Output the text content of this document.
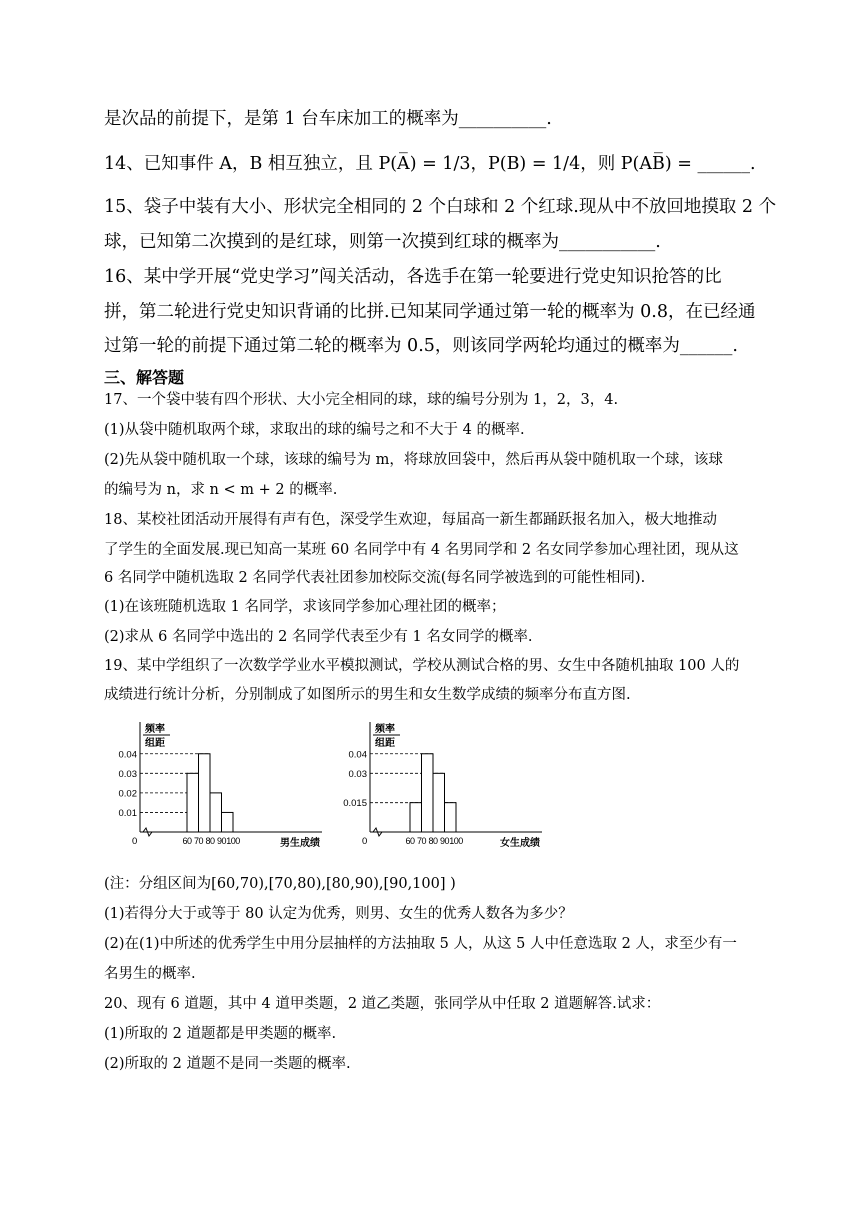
是次品的前提下，是第 1 台车床加工的概率为__________.
14、已知事件 A，B 相互独立，且 P(A̅) = 1/3，P(B) = 1/4，则 P(AB̅) = ______.
15、袋子中装有大小、形状完全相同的 2 个白球和 2 个红球.现从中不放回地摸取 2 个
球，已知第二次摸到的是红球，则第一次摸到红球的概率为___________.
16、某中学开展“党史学习”闯关活动，各选手在第一轮要进行党史知识抢答的比
拼，第二轮进行党史知识背诵的比拼.已知某同学通过第一轮的概率为 0.8，在已经通
过第一轮的前提下通过第二轮的概率为 0.5，则该同学两轮均通过的概率为______.
三、解答题
17、一个袋中装有四个形状、大小完全相同的球，球的编号分别为 1，2，3，4.
(1)从袋中随机取两个球，求取出的球的编号之和不大于 4 的概率.
(2)先从袋中随机取一个球，该球的编号为 m，将球放回袋中，然后再从袋中随机取一个球，该球
的编号为 n，求 n < m + 2 的概率.
18、某校社团活动开展得有声有色，深受学生欢迎，每届高一新生都踊跃报名加入，极大地推动
了学生的全面发展.现已知高一某班 60 名同学中有 4 名男同学和 2 名女同学参加心理社团，现从这
6 名同学中随机选取 2 名同学代表社团参加校际交流(每名同学被选到的可能性相同).
(1)在该班随机选取 1 名同学，求该同学参加心理社团的概率；
(2)求从 6 名同学中选出的 2 名同学代表至少有 1 名女同学的概率.
19、某中学组织了一次数学学业水平模拟测试，学校从测试合格的男、女生中各随机抽取 100 人的
成绩进行统计分析，分别制成了如图所示的男生和女生数学成绩的频率分布直方图.
频率
组距
0.04
0.03
0.02
0.01
0	60 70 80 90 100	男生成绩
频率
组距
0.04
0.03
0.015
0	60 70 80 90 100	女生成绩
(注：分组区间为[60,70),[70,80),[80,90),[90,100] )
(1)若得分大于或等于 80 认定为优秀，则男、女生的优秀人数各为多少？
(2)在(1)中所述的优秀学生中用分层抽样的方法抽取 5 人，从这 5 人中任意选取 2 人，求至少有一
名男生的概率.
20、现有 6 道题，其中 4 道甲类题，2 道乙类题，张同学从中任取 2 道题解答.试求：
(1)所取的 2 道题都是甲类题的概率.
(2)所取的 2 道题不是同一类题的概率.
